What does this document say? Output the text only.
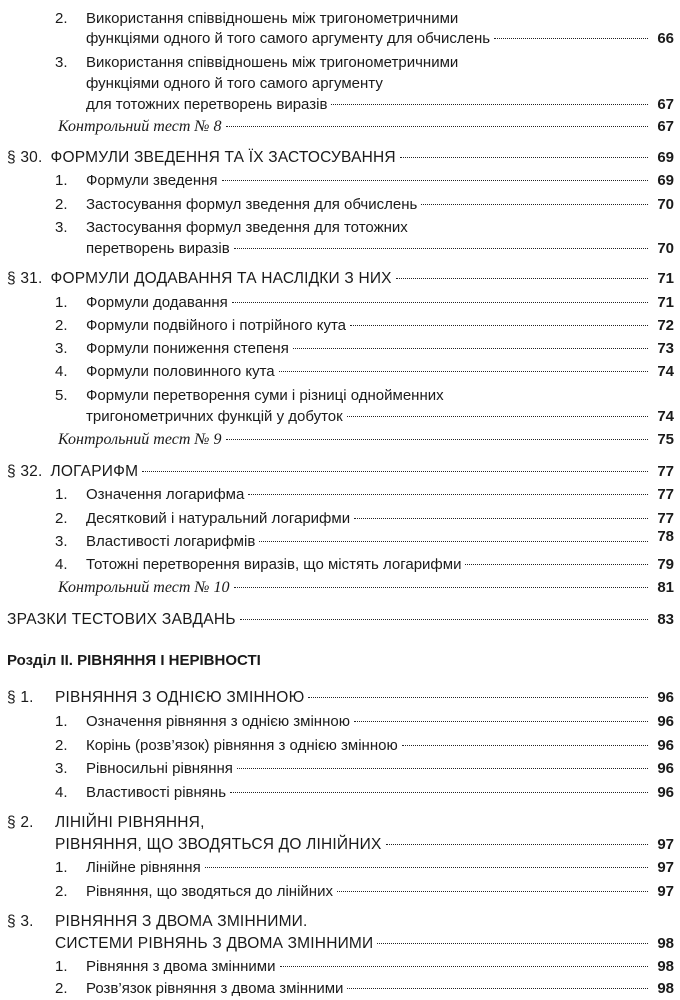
2. Використання співвідношень між тригонометричними
функціями одного й того самого аргументу для обчислень	66
3. Використання співвідношень між тригонометричними
функціями одного й того самого аргументу
для тотожних перетворень виразів	67
Контрольний тест № 8	67
§ 30. ФОРМУЛИ ЗВЕДЕННЯ ТА ЇХ ЗАСТОСУВАННЯ	69
1. Формули зведення	69
2. Застосування формул зведення для обчислень	70
3. Застосування формул зведення для тотожних
перетворень виразів	70
§ 31. ФОРМУЛИ ДОДАВАННЯ ТА НАСЛІДКИ З НИХ	71
1. Формули додавання	71
2. Формули подвійного і потрійного кута	72
3. Формули пониження степеня	73
4. Формули половинного кута	74
5. Формули перетворення суми і різниці однойменних
тригонометричних функцій у добуток	74
Контрольний тест № 9	75
§ 32. ЛОГАРИФМ	77
1. Означення логарифма	77
2. Десятковий і натуральний логарифми	77
3. Властивості логарифмів	78
4. Тотожні перетворення виразів, що містять логарифми	79
Контрольний тест № 10	81
ЗРАЗКИ ТЕСТОВИХ ЗАВДАНЬ	83
Розділ ІІ. РІВНЯННЯ І НЕРІВНОСТІ
§ 1. РІВНЯННЯ З ОДНІЄЮ ЗМІННОЮ	96
1. Означення рівняння з однією змінною	96
2. Корінь (розв’язок) рівняння з однією змінною	96
3. Рівносильні рівняння	96
4. Властивості рівнянь	96
§ 2. ЛІНІЙНІ РІВНЯННЯ,
РІВНЯННЯ, ЩО ЗВОДЯТЬСЯ ДО ЛІНІЙНИХ	97
1. Лінійне рівняння	97
2. Рівняння, що зводяться до лінійних	97
§ 3. РІВНЯННЯ З ДВОМА ЗМІННИМИ.
СИСТЕМИ РІВНЯНЬ З ДВОМА ЗМІННИМИ	98
1. Рівняння з двома змінними	98
2. Розв’язок рівняння з двома змінними	98
